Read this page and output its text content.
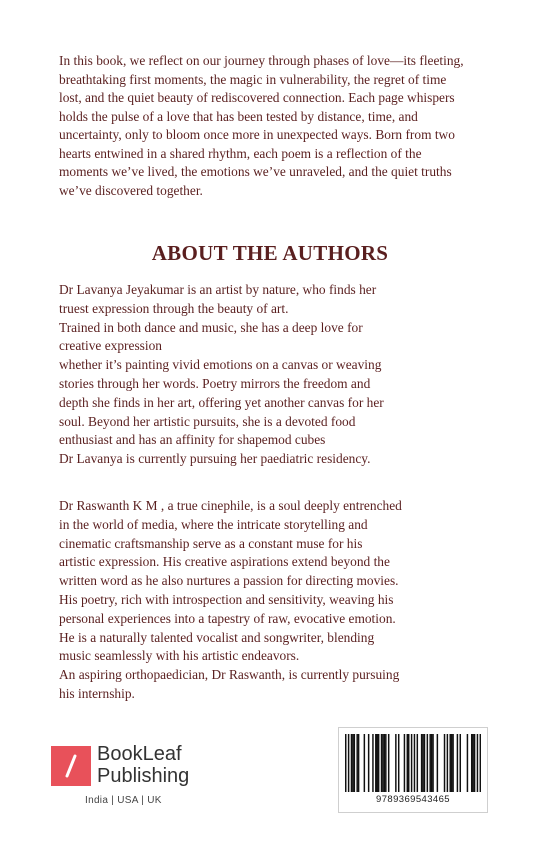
In this book, we reflect on our journey through phases of love—its fleeting, breathtaking first moments, the magic in vulnerability, the regret of time lost, and the quiet beauty of rediscovered connection. Each page whispers holds the pulse of a love that has been tested by distance, time, and uncertainty, only to bloom once more in unexpected ways. Born from two hearts entwined in a shared rhythm, each poem is a reflection of the moments we’ve lived, the emotions we’ve unraveled, and the quiet truths we’ve discovered together.

ABOUT THE AUTHORS
Dr Lavanya Jeyakumar is an artist by nature, who finds her
truest expression through the beauty of art.
Trained in both dance and music, she has a deep love for
creative expression
whether it’s painting vivid emotions on a canvas or weaving
stories through her words. Poetry mirrors the freedom and
depth she finds in her art, offering yet another canvas for her
soul. Beyond her artistic pursuits, she is a devoted food
enthusiast and has an affinity for shapemod cubes
Dr Lavanya is currently pursuing her paediatric residency.
Dr Raswanth K M , a true cinephile, is a soul deeply entrenched
in the world of media, where the intricate storytelling and
cinematic craftsmanship serve as a constant muse for his
artistic expression. His creative aspirations extend beyond the
written word as he also nurtures a passion for directing movies.
His poetry, rich with introspection and sensitivity, weaving his
personal experiences into a tapestry of raw, evocative emotion.
He is a naturally talented vocalist and songwriter, blending
music seamlessly with his artistic endeavors.
An aspiring orthopaedician, Dr Raswanth, is currently pursuing
his internship.
BookLeaf
Publishing
India | USA | UK	9789369543465
